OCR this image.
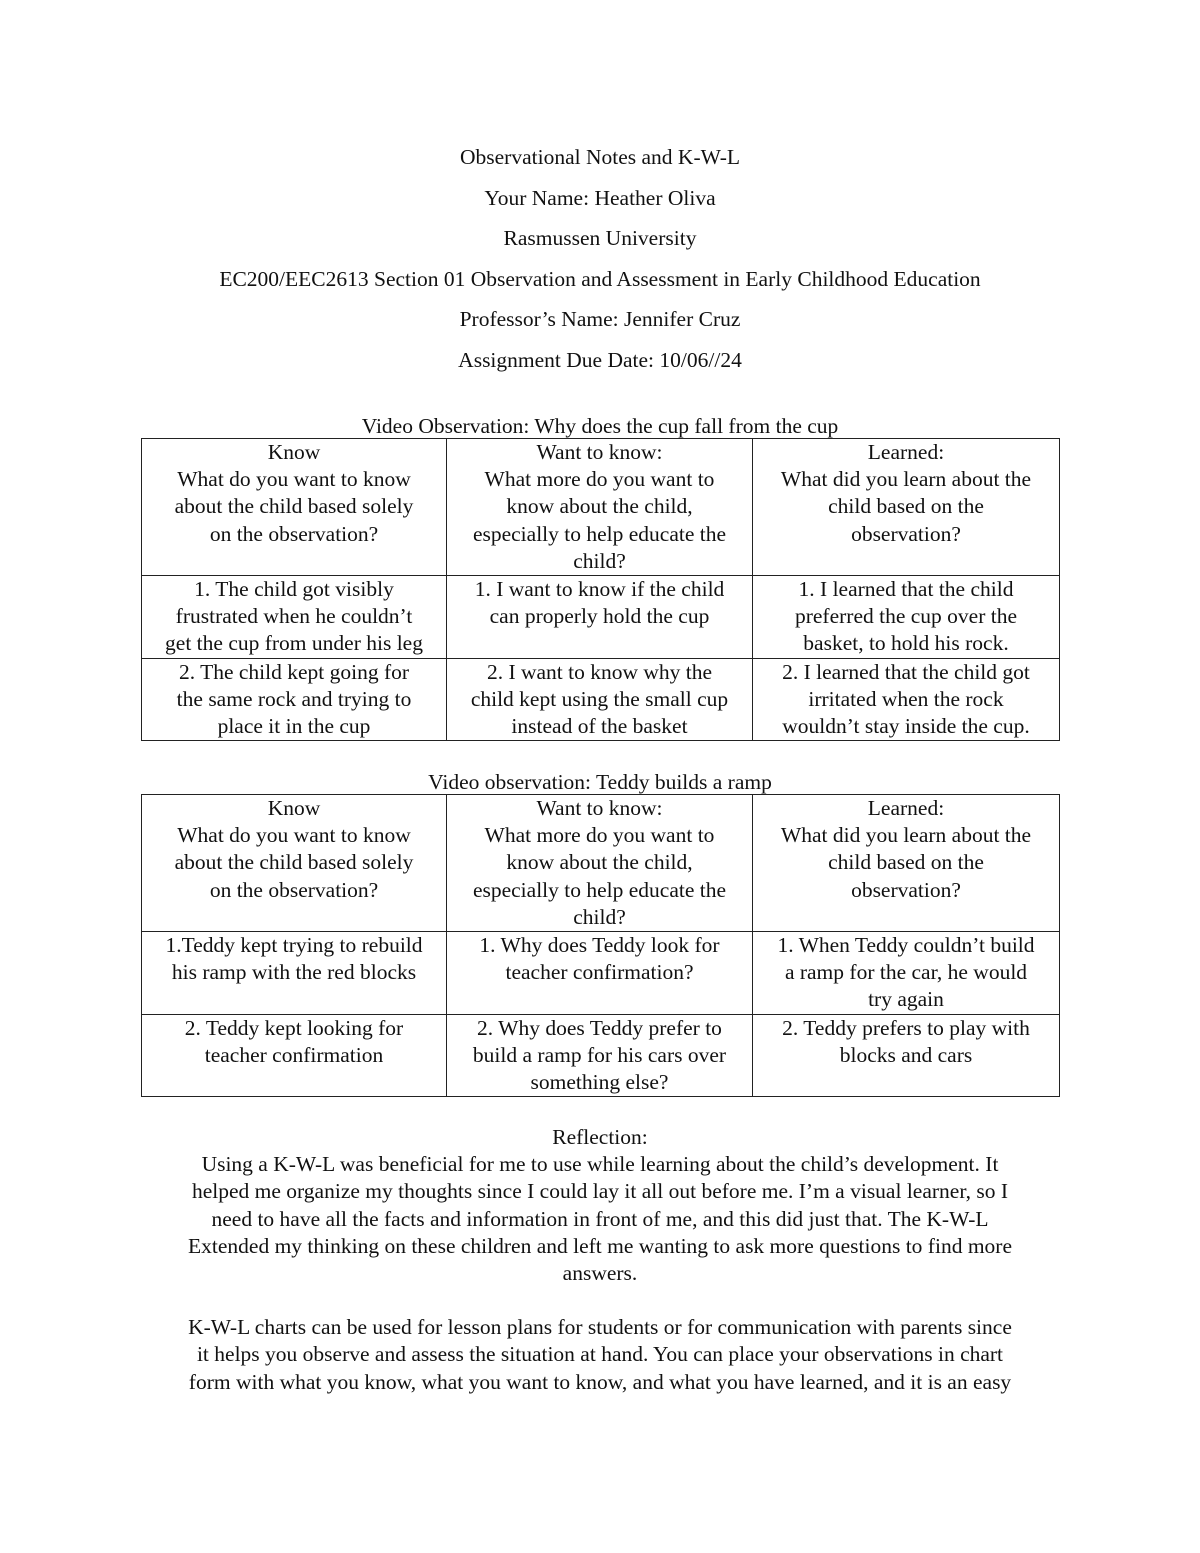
Observational Notes and K-W-L
Your Name: Heather Oliva
Rasmussen University
EC200/EEC2613 Section 01 Observation and Assessment in Early Childhood Education
Professor’s Name: Jennifer Cruz
Assignment Due Date: 10/06//24
Video Observation: Why does the cup fall from the cup
Know
What do you want to know
about the child based solely
on the observation?	Want to know:
What more do you want to
know about the child,
especially to help educate the
child?	Learned:
What did you learn about the
child based on the
observation?

1. The child got visibly
frustrated when he couldn’t
get the cup from under his leg	1. I want to know if the child
can properly hold the cup	1. I learned that the child
preferred the cup over the
basket, to hold his rock.

2. The child kept going for
the same rock and trying to
place it in the cup	2. I want to know why the
child kept using the small cup
instead of the basket	2. I learned that the child got
irritated when the rock
wouldn’t stay inside the cup.
Video observation: Teddy builds a ramp
Know
What do you want to know
about the child based solely
on the observation?	Want to know:
What more do you want to
know about the child,
especially to help educate the
child?	Learned:
What did you learn about the
child based on the
observation?

1.Teddy kept trying to rebuild
his ramp with the red blocks	1. Why does Teddy look for
teacher confirmation?	1. When Teddy couldn’t build
a ramp for the car, he would
try again

2. Teddy kept looking for
teacher confirmation	2. Why does Teddy prefer to
build a ramp for his cars over
something else?	2. Teddy prefers to play with
blocks and cars

Reflection:

Using a K-W-L was beneficial for me to use while learning about the child’s development. It
helped me organize my thoughts since I could lay it all out before me. I’m a visual learner, so I
need to have all the facts and information in front of me, and this did just that. The K-W-L
Extended my thinking on these children and left me wanting to ask more questions to find more
answers.

K-W-L charts can be used for lesson plans for students or for communication with parents since
it helps you observe and assess the situation at hand. You can place your observations in chart
form with what you know, what you want to know, and what you have learned, and it is an easy
